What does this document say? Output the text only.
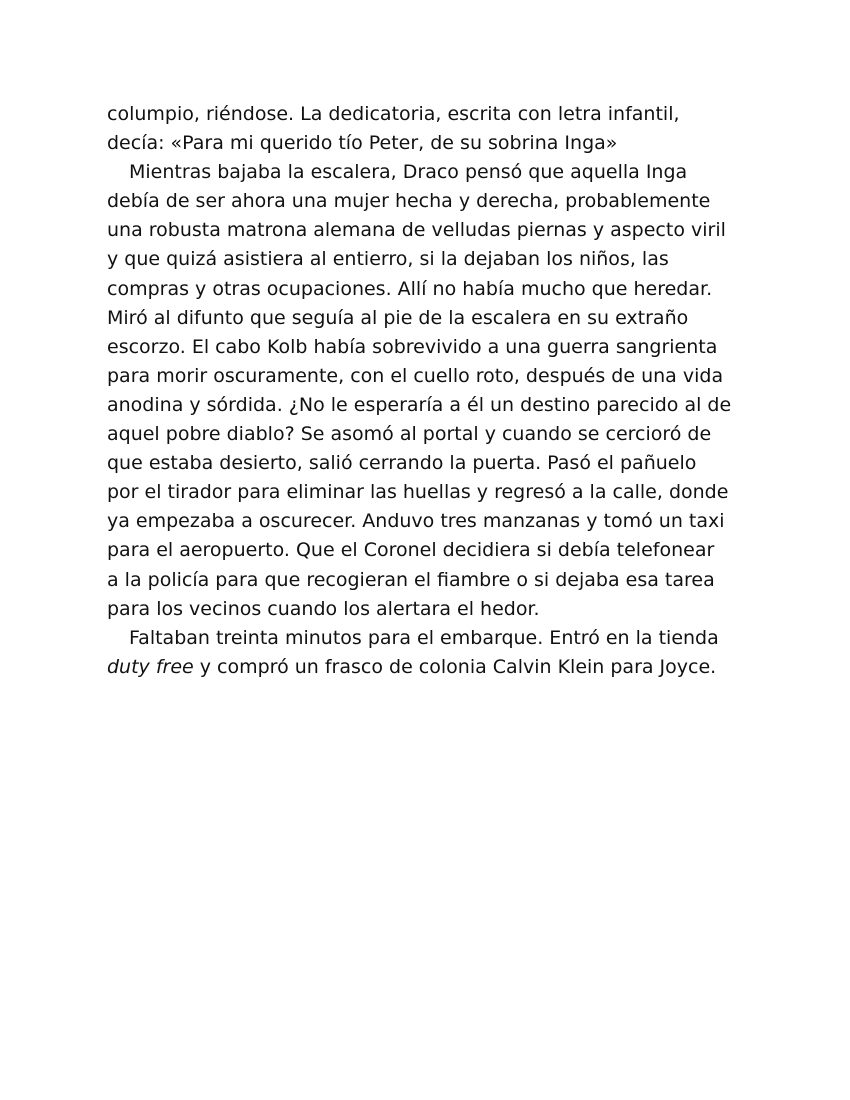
columpio, riéndose. La dedicatoria, escrita con letra infantil,
decía: «Para mi querido tío Peter, de su sobrina Inga»
Mientras bajaba la escalera, Draco pensó que aquella Inga
debía de ser ahora una mujer hecha y derecha, probablemente
una robusta matrona alemana de velludas piernas y aspecto viril
y que quizá asistiera al entierro, si la dejaban los niños, las
compras y otras ocupaciones. Allí no había mucho que heredar.
Miró al difunto que seguía al pie de la escalera en su extraño
escorzo. El cabo Kolb había sobrevivido a una guerra sangrienta
para morir oscuramente, con el cuello roto, después de una vida
anodina y sórdida. ¿No le esperaría a él un destino parecido al de
aquel pobre diablo? Se asomó al portal y cuando se cercioró de
que estaba desierto, salió cerrando la puerta. Pasó el pañuelo
por el tirador para eliminar las huellas y regresó a la calle, donde
ya empezaba a oscurecer. Anduvo tres manzanas y tomó un taxi
para el aeropuerto. Que el Coronel decidiera si debía telefonear
a la policía para que recogieran el fiambre o si dejaba esa tarea
para los vecinos cuando los alertara el hedor.
Faltaban treinta minutos para el embarque. Entró en la tienda
duty free y compró un frasco de colonia Calvin Klein para Joyce.
